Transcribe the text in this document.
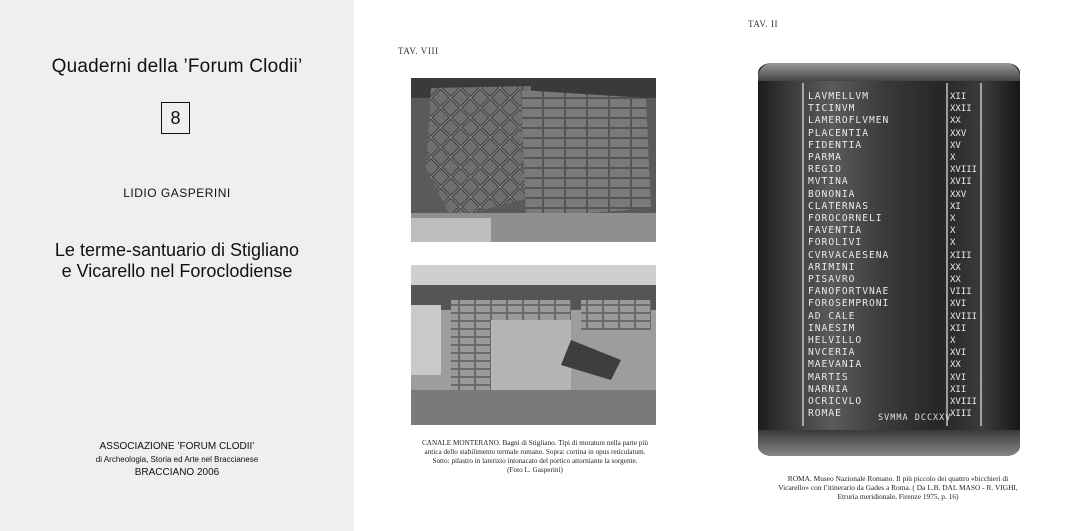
Quaderni della ’Forum Clodii’
8
LIDIO GASPERINI
Le terme-santuario di Stigliano
e Vicarello nel Foroclodiense
ASSOCIAZIONE ’FORUM CLODII’
di Archeologia, Storia ed Arte nel Braccianese
BRACCIANO 2006
TAV. VIII
CANALE MONTERANO. Bagni di Stigliano. Tipi di murature nella parte più
antica dello stabilimento termale romano. Sopra: cortina in opus reticulatum.
Sotto: pilastro in laterizio intonacato del portico attorniante la sorgente.
(Foto L. Gasperini)
TAV. II
LAVMELLVM
TICINVM
LAMEROFLVMEN
PLACENTIA
FIDENTIA
PARMA
REGIO
MVTINA
BONONIA
CLATERNAS
FOROCORNELI
FAVENTIA
FOROLIVI
CVRVACAESENA
ARIMINI
PISAVRO
FANOFORTVNAE
FOROSEMPRONI
AD CALE
INAESIM
HELVILLO
NVCERIA
MAEVANIA
MARTIS
NARNIA
OCRICVLO
ROMAE
XII
XXII
XX
XXV
XV
X
XVIII
XVII
XXV
XI
X
X
X
XIII
XX
XX
VIII
XVI
XVIII
XII
X
XVI
XX
XVI
XII
XVIII
XIII
SVMMA DCCXXV
ROMA. Museo Nazionale Romano. Il più piccolo dei quattro «bicchieri di
Vicarello» con l’itinerario da Gades a Roma. ( Da L.B. DAL MASO - R. VIGHI,
Etruria meridionale, Firenze 1975, p. 16)
